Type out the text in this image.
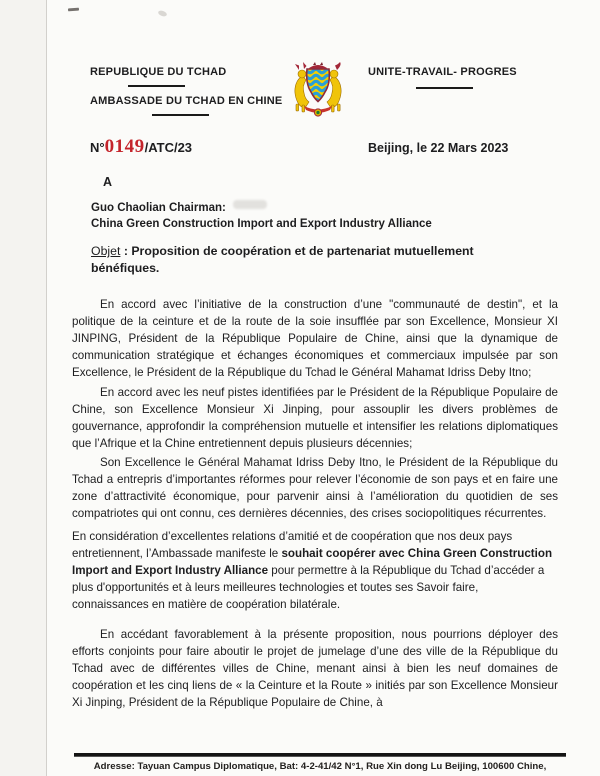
REPUBLIQUE DU TCHAD
AMBASSADE DU TCHAD EN CHINE
UNITE-TRAVAIL- PROGRES
N° 0149 /ATC/23	Beijing, le 22 Mars 2023
A
Guo Chaolian Chairman:
China Green Construction Import and Export Industry Alliance
Objet : Proposition de coopération et de partenariat mutuellement bénéfiques.

En accord avec l’initiative de la construction d’une "communauté de destin", et la politique de la ceinture et de la route de la soie insufflée par son Excellence, Monsieur XI JINPING, Président de la République Populaire de Chine, ainsi que la dynamique de communication stratégique et échanges économiques et commerciaux impulsée par son Excellence, le Président de la République du Tchad le Général Mahamat Idriss Deby Itno;

En accord avec les neuf pistes identifiées par le Président de la République Populaire de Chine, son Excellence Monsieur Xi Jinping, pour assouplir les divers problèmes de gouvernance, approfondir la compréhension mutuelle et intensifier les relations diplomatiques que l’Afrique et la Chine entretiennent depuis plusieurs décennies;

Son Excellence le Général Mahamat Idriss Deby Itno, le Président de la République du Tchad a entrepris d’importantes réformes pour relever l’économie de son pays et en faire une zone d’attractivité économique, pour parvenir ainsi à l’amélioration du quotidien de ses compatriotes qui ont connu, ces dernières décennies, des crises sociopolitiques récurrentes.

En considération d’excellentes relations d’amitié et de coopération que nos deux pays entretiennent, l’Ambassade manifeste le souhait coopérer avec China Green Construction Import and Export Industry Alliance pour permettre à la République du Tchad d’accéder a plus d'opportunités et à leurs meilleures technologies et toutes ses Savoir faire, connaissances en matière de coopération bilatérale.

En accédant favorablement à la présente proposition, nous pourrions déployer des efforts conjoints pour faire aboutir le projet de jumelage d’une des ville de la République du Tchad avec de différentes villes de Chine, menant ainsi à bien les neuf domaines de coopération et les cinq liens de « la Ceinture et la Route » initiés par son Excellence Monsieur Xi Jinping, Président de la République Populaire de Chine, à

Adresse: Tayuan Campus Diplomatique, Bat: 4-2-41/42 N°1, Rue Xin dong Lu Beijing, 100600 Chine,
